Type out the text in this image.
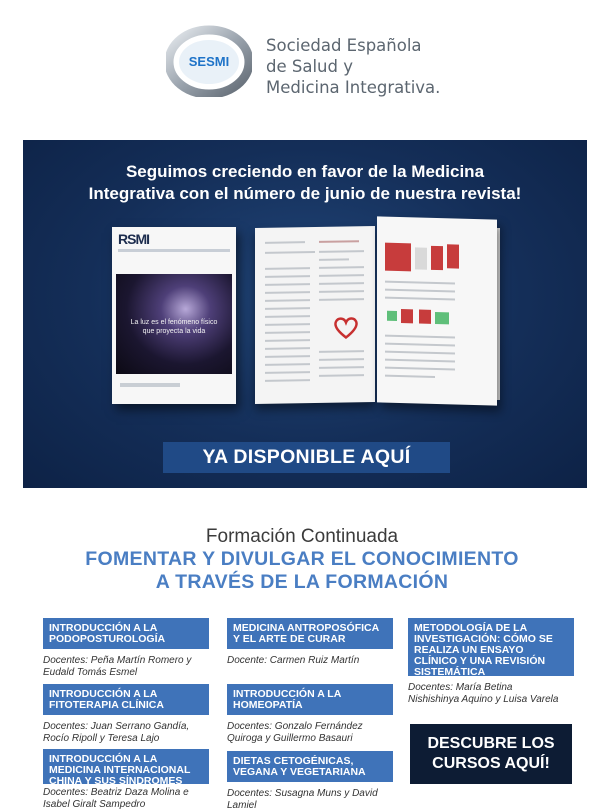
SESMI
Sociedad Española
de Salud y
Medicina Integrativa.
Seguimos creciendo en favor de la Medicina
Integrativa con el número de junio de nuestra revista!
RSMI
La luz es el fenómeno físico
que proyecta la vida
YA DISPONIBLE AQUÍ
Formación Continuada
FOMENTAR Y DIVULGAR EL CONOCIMIENTO
A TRAVÉS DE LA FORMACIÓN
INTRODUCCIÓN A LA
PODOPOSTUROLOGÍA
Docentes: Peña Martín Romero y
Eudald Tomás Esmel
INTRODUCCIÓN A LA
FITOTERAPIA CLÍNICA
Docentes: Juan Serrano Gandía,
Rocío Ripoll y Teresa Lajo
INTRODUCCIÓN A LA
MEDICINA INTERNACIONAL
CHINA Y SUS SÍNDROMES
Docentes: Beatriz Daza Molina e
Isabel Giralt Sampedro
MEDICINA ANTROPOSÓFICA
Y EL ARTE DE CURAR
Docente: Carmen Ruiz Martín
INTRODUCCIÓN A LA
HOMEOPATÍA
Docentes: Gonzalo Fernández
Quiroga y Guillermo Basauri
DIETAS CETOGÉNICAS,
VEGANA Y VEGETARIANA
Docentes: Susagna Muns y David
Lamiel
METODOLOGÍA DE LA
INVESTIGACIÓN: CÓMO SE
REALIZA UN ENSAYO
CLÍNICO Y UNA REVISIÓN
SISTEMÁTICA
Docentes: María Betina
Nishishinya Aquino y Luisa Varela
DESCUBRE LOS
CURSOS AQUÍ!
